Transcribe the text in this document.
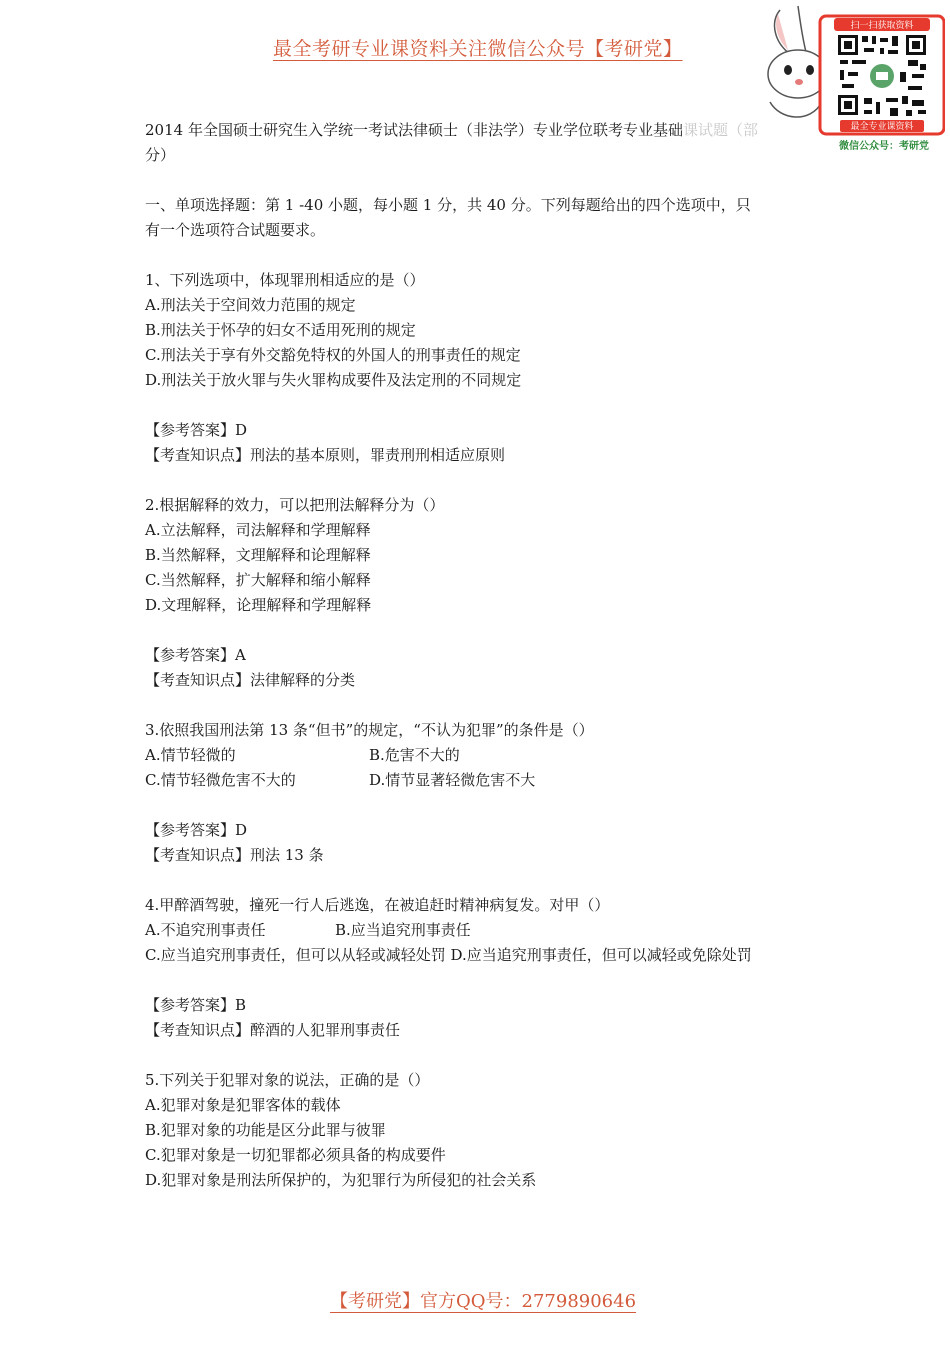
最全考研专业课资料关注微信公众号【考研党】
扫一扫获取资料
最全专业课资料
微信公众号：考研党

2014 年全国硕士研究生入学统一考试法律硕士（非法学）专业学位联考专业基础课试题（部

分）

一、单项选择题：第 1 -40 小题，每小题 1 分，共 40 分。下列每题给出的四个选项中，只

有一个选项符合试题要求。

1、下列选项中，体现罪刑相适应的是（）

A.刑法关于空间效力范围的规定

B.刑法关于怀孕的妇女不适用死刑的规定

C.刑法关于享有外交豁免特权的外国人的刑事责任的规定

D.刑法关于放火罪与失火罪构成要件及法定刑的不同规定

【参考答案】D

【考查知识点】刑法的基本原则，罪责刑刑相适应原则

2.根据解释的效力，可以把刑法解释分为（）

A.立法解释，司法解释和学理解释

B.当然解释，文理解释和论理解释

C.当然解释，扩大解释和缩小解释

D.文理解释，论理解释和学理解释

【参考答案】A

【考查知识点】法律解释的分类

3.依照我国刑法第 13 条“但书”的规定，“不认为犯罪”的条件是（）

A.情节轻微的	B.危害不大的
C.情节轻微危害不大的	D.情节显著轻微危害不大

【参考答案】D

【考查知识点】刑法 13 条

4.甲醉酒驾驶，撞死一行人后逃逸，在被追赶时精神病复发。对甲（）

A.不追究刑事责任	B.应当追究刑事责任

C.应当追究刑事责任，但可以从轻或减轻处罚 D.应当追究刑事责任，但可以减轻或免除处罚

【参考答案】B

【考查知识点】醉酒的人犯罪刑事责任

5.下列关于犯罪对象的说法，正确的是（）

A.犯罪对象是犯罪客体的载体

B.犯罪对象的功能是区分此罪与彼罪

C.犯罪对象是一切犯罪都必须具备的构成要件

D.犯罪对象是刑法所保护的，为犯罪行为所侵犯的社会关系

【考研党】官方QQ号：2779890646
